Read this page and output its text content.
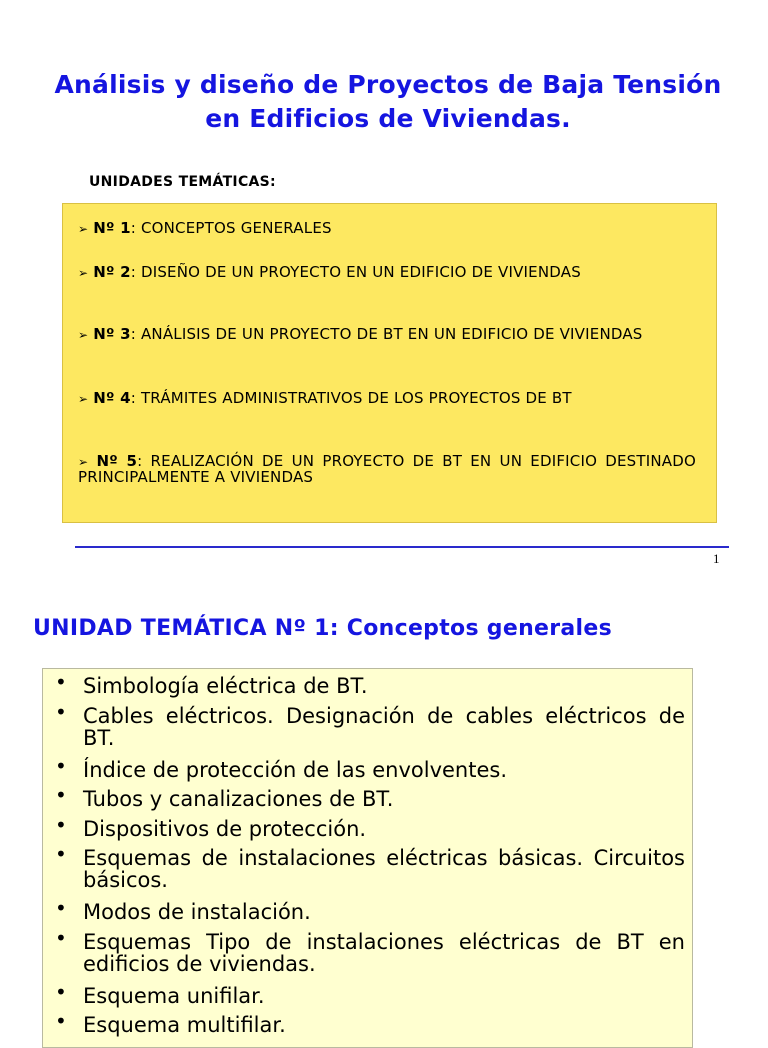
Análisis y diseño de Proyectos de Baja Tensión
en Edificios de Viviendas.
UNIDADES TEMÁTICAS:
➢ Nº 1: CONCEPTOS GENERALES
➢ Nº 2: DISEÑO DE UN PROYECTO EN UN EDIFICIO DE VIVIENDAS
➢ Nº 3: ANÁLISIS DE UN PROYECTO DE BT EN UN EDIFICIO DE VIVIENDAS
➢ Nº 4: TRÁMITES ADMINISTRATIVOS DE LOS PROYECTOS DE BT
➢ Nº 5: REALIZACIÓN DE UN PROYECTO DE BT EN UN EDIFICIO DESTINADO PRINCIPALMENTE A VIVIENDAS
1
UNIDAD TEMÁTICA Nº 1: Conceptos generales
• Simbología eléctrica de BT.
• Cables eléctricos. Designación de cables eléctricos de BT.
• Índice de protección de las envolventes.
• Tubos y canalizaciones de BT.
• Dispositivos de protección.
• Esquemas de instalaciones eléctricas básicas. Circuitos básicos.
• Modos de instalación.
• Esquemas Tipo de instalaciones eléctricas de BT en edificios de viviendas.
• Esquema unifilar.
• Esquema multifilar.
